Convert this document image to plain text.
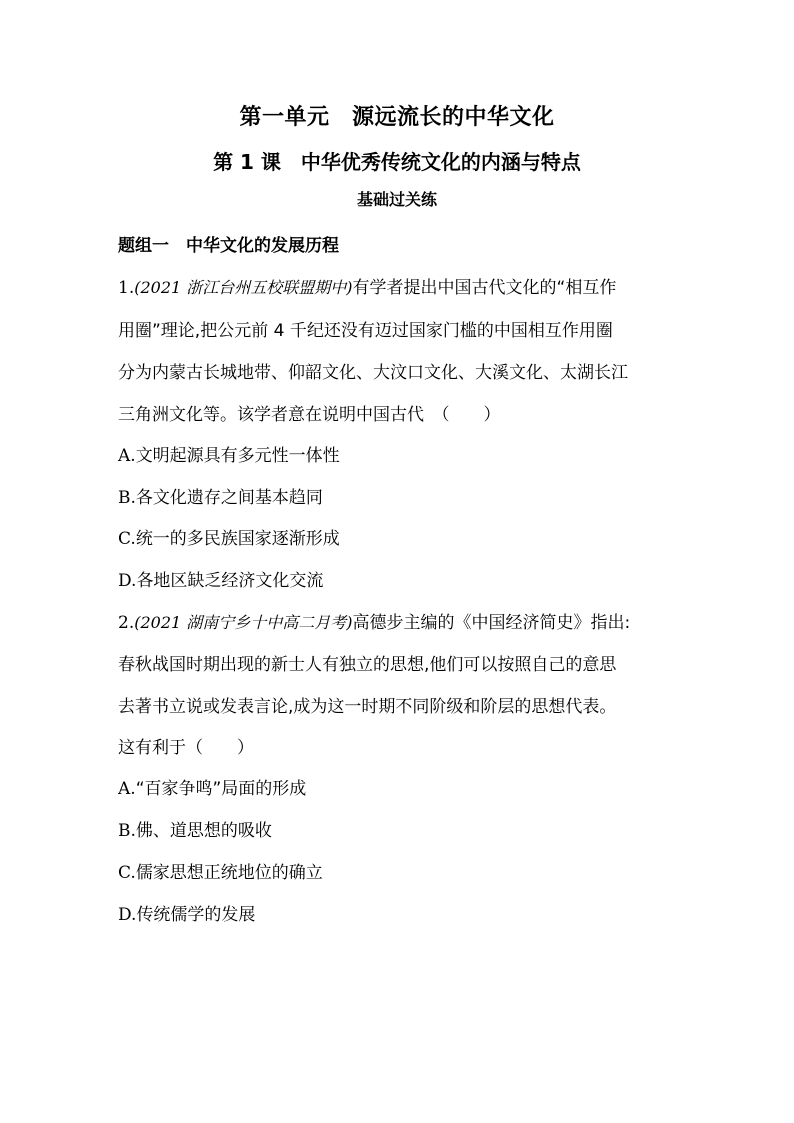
第一单元　源远流长的中华文化
第 1 课　中华优秀传统文化的内涵与特点
基础过关练
题组一　中华文化的发展历程
1.(2021 浙江台州五校联盟期中)有学者提出中国古代文化的“相互作
用圈”理论,把公元前 4 千纪还没有迈过国家门槛的中国相互作用圈
分为内蒙古长城地带、仰韶文化、大汶口文化、大溪文化、太湖长江
三角洲文化等。该学者意在说明中国古代　（　　）
A.文明起源具有多元性一体性
B.各文化遗存之间基本趋同
C.统一的多民族国家逐渐形成
D.各地区缺乏经济文化交流
2.(2021 湖南宁乡十中高二月考)高德步主编的《中国经济简史》指出:
春秋战国时期出现的新士人有独立的思想,他们可以按照自己的意思
去著书立说或发表言论,成为这一时期不同阶级和阶层的思想代表。
这有利于（　　）
A.“百家争鸣”局面的形成
B.佛、道思想的吸收
C.儒家思想正统地位的确立
D.传统儒学的发展
